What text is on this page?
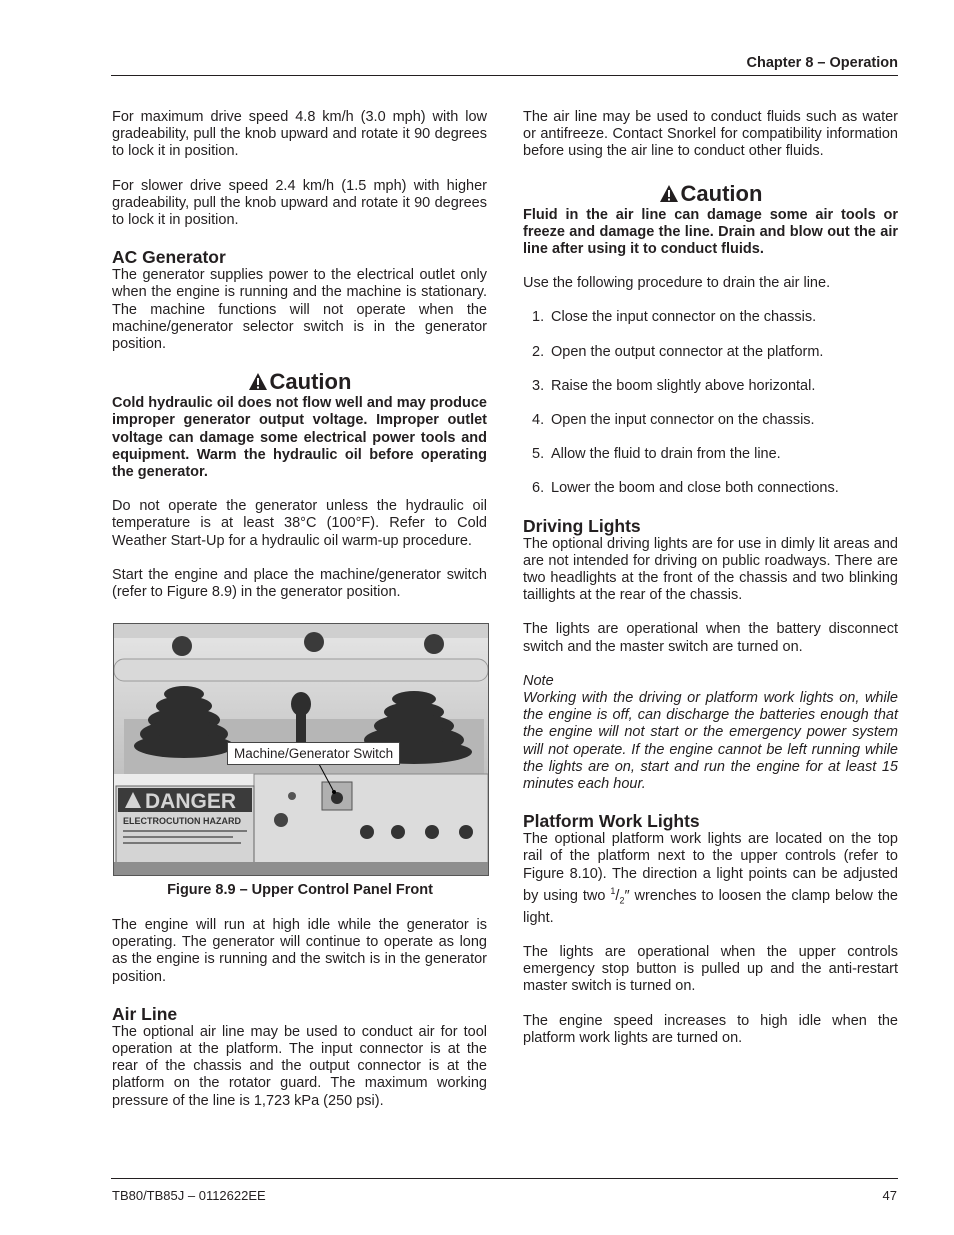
Chapter 8 – Operation

For maximum drive speed 4.8 km/h (3.0 mph) with low gradeability, pull the knob upward and rotate it 90 degrees to lock it in position.

For slower drive speed 2.4 km/h (1.5 mph) with higher gradeability, pull the knob upward and rotate it 90 degrees to lock it in position.

AC Generator

The generator supplies power to the electrical outlet only when the engine is running and the machine is stationary. The machine functions will not operate when the machine/generator selector switch is in the generator position.

Caution

Cold hydraulic oil does not flow well and may produce improper generator output voltage. Improper outlet voltage can damage some electrical power tools and equipment. Warm the hydraulic oil before operating the generator.

Do not operate the generator unless the hydraulic oil temperature is at least 38°C (100°F). Refer to Cold Weather Start-Up for a hydraulic oil warm-up procedure.

Start the engine and place the machine/generator switch (refer to Figure 8.9) in the generator position.

DANGER
ELECTROCUTION HAZARD
Machine/Generator Switch
Figure 8.9 – Upper Control Panel Front

The engine will run at high idle while the generator is operating. The generator will continue to operate as long as the engine is running and the switch is in the generator position.

Air Line

The optional air line may be used to conduct air for tool operation at the platform. The input connector is at the rear of the chassis and the output connector is at the platform on the rotator guard. The maximum working pressure of the line is 1,723 kPa (250 psi).

The air line may be used to conduct fluids such as water or antifreeze. Contact Snorkel for compatibility information before using the air line to conduct other fluids.

Caution

Fluid in the air line can damage some air tools or freeze and damage the line. Drain and blow out the air line after using it to conduct fluids.

Use the following procedure to drain the air line.

1. Close the input connector on the chassis.
2. Open the output connector at the platform.
3. Raise the boom slightly above horizontal.
4. Open the input connector on the chassis.
5. Allow the fluid to drain from the line.
6. Lower the boom and close both connections.
Driving Lights

The optional driving lights are for use in dimly lit areas and are not intended for driving on public roadways. There are two headlights at the front of the chassis and two blinking taillights at the rear of the chassis.

The lights are operational when the battery disconnect switch and the master switch are turned on.

Note

Working with the driving or platform work lights on, while the engine is off, can discharge the batteries enough that the engine will not start or the emergency power system will not operate. If the engine cannot be left running while the lights are on, start and run the engine for at least 15 minutes each hour.

Platform Work Lights

The optional platform work lights are located on the top rail of the platform next to the upper controls (refer to Figure 8.10). The direction a light points can be adjusted by using two $^1/_2''$ wrenches to loosen the clamp below the light.

The lights are operational when the upper controls emergency stop button is pulled up and the anti-restart master switch is turned on.

The engine speed increases to high idle when the platform work lights are turned on.

TB80/TB85J – 0112622EE	47
